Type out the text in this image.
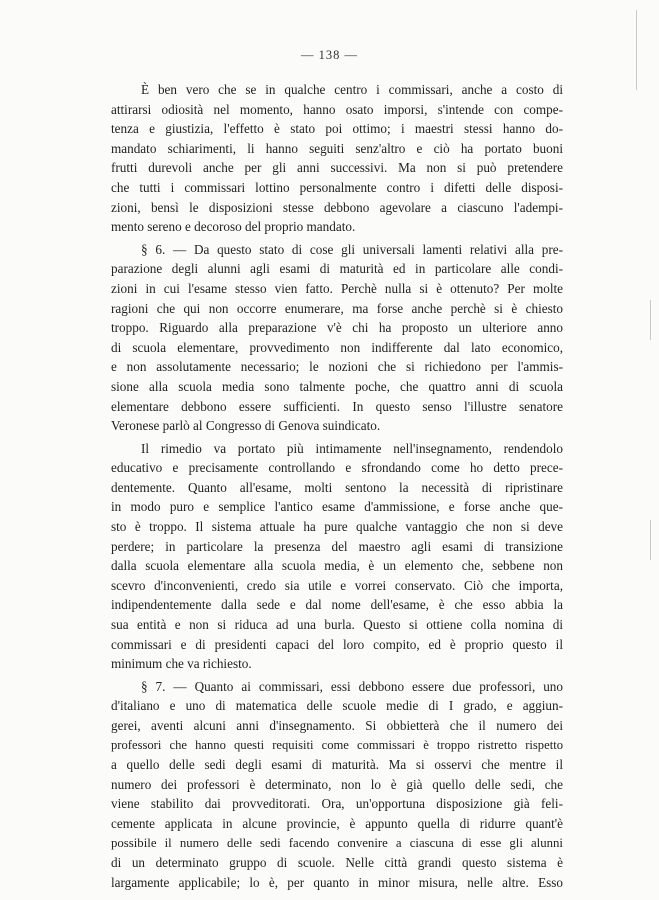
— 138 —
È ben vero che se in qualche centro i commissari, anche a costo di
attirarsi odiosità nel momento, hanno osato imporsi, s'intende con compe-
tenza e giustizia, l'effetto è stato poi ottimo; i maestri stessi hanno do-
mandato schiarimenti, li hanno seguiti senz'altro e ciò ha portato buoni
frutti durevoli anche per gli anni successivi. Ma non si può pretendere
che tutti i commissari lottino personalmente contro i difetti delle disposi-
zioni, bensì le disposizioni stesse debbono agevolare a ciascuno l'adempi-
mento sereno e decoroso del proprio mandato.
§ 6. — Da questo stato di cose gli universali lamenti relativi alla pre-
parazione degli alunni agli esami di maturità ed in particolare alle condi-
zioni in cui l'esame stesso vien fatto. Perchè nulla si è ottenuto? Per molte
ragioni che qui non occorre enumerare, ma forse anche perchè si è chiesto
troppo. Riguardo alla preparazione v'è chi ha proposto un ulteriore anno
di scuola elementare, provvedimento non indifferente dal lato economico,
e non assolutamente necessario; le nozioni che si richiedono per l'ammis-
sione alla scuola media sono talmente poche, che quattro anni di scuola
elementare debbono essere sufficienti. In questo senso l'illustre senatore
Veronese parlò al Congresso di Genova suindicato.
Il rimedio va portato più intimamente nell'insegnamento, rendendolo
educativo e precisamente controllando e sfrondando come ho detto prece-
dentemente. Quanto all'esame, molti sentono la necessità di ripristinare
in modo puro e semplice l'antico esame d'ammissione, e forse anche que-
sto è troppo. Il sistema attuale ha pure qualche vantaggio che non si deve
perdere; in particolare la presenza del maestro agli esami di transizione
dalla scuola elementare alla scuola media, è un elemento che, sebbene non
scevro d'inconvenienti, credo sia utile e vorrei conservato. Ciò che importa,
indipendentemente dalla sede e dal nome dell'esame, è che esso abbia la
sua entità e non si riduca ad una burla. Questo si ottiene colla nomina di
commissari e di presidenti capaci del loro compito, ed è proprio questo il
minimum che va richiesto.
§ 7. — Quanto ai commissari, essi debbono essere due professori, uno
d'italiano e uno di matematica delle scuole medie di I grado, e aggiun-
gerei, aventi alcuni anni d'insegnamento. Si obbietterà che il numero dei
professori che hanno questi requisiti come commissari è troppo ristretto rispetto
a quello delle sedi degli esami di maturità. Ma si osservi che mentre il
numero dei professori è determinato, non lo è già quello delle sedi, che
viene stabilito dai provveditorati. Ora, un'opportuna disposizione già feli-
cemente applicata in alcune provincie, è appunto quella di ridurre quant'è
possibile il numero delle sedi facendo convenire a ciascuna di esse gli alunni
di un determinato gruppo di scuole. Nelle città grandi questo sistema è
largamente applicabile; lo è, per quanto in minor misura, nelle altre. Esso
